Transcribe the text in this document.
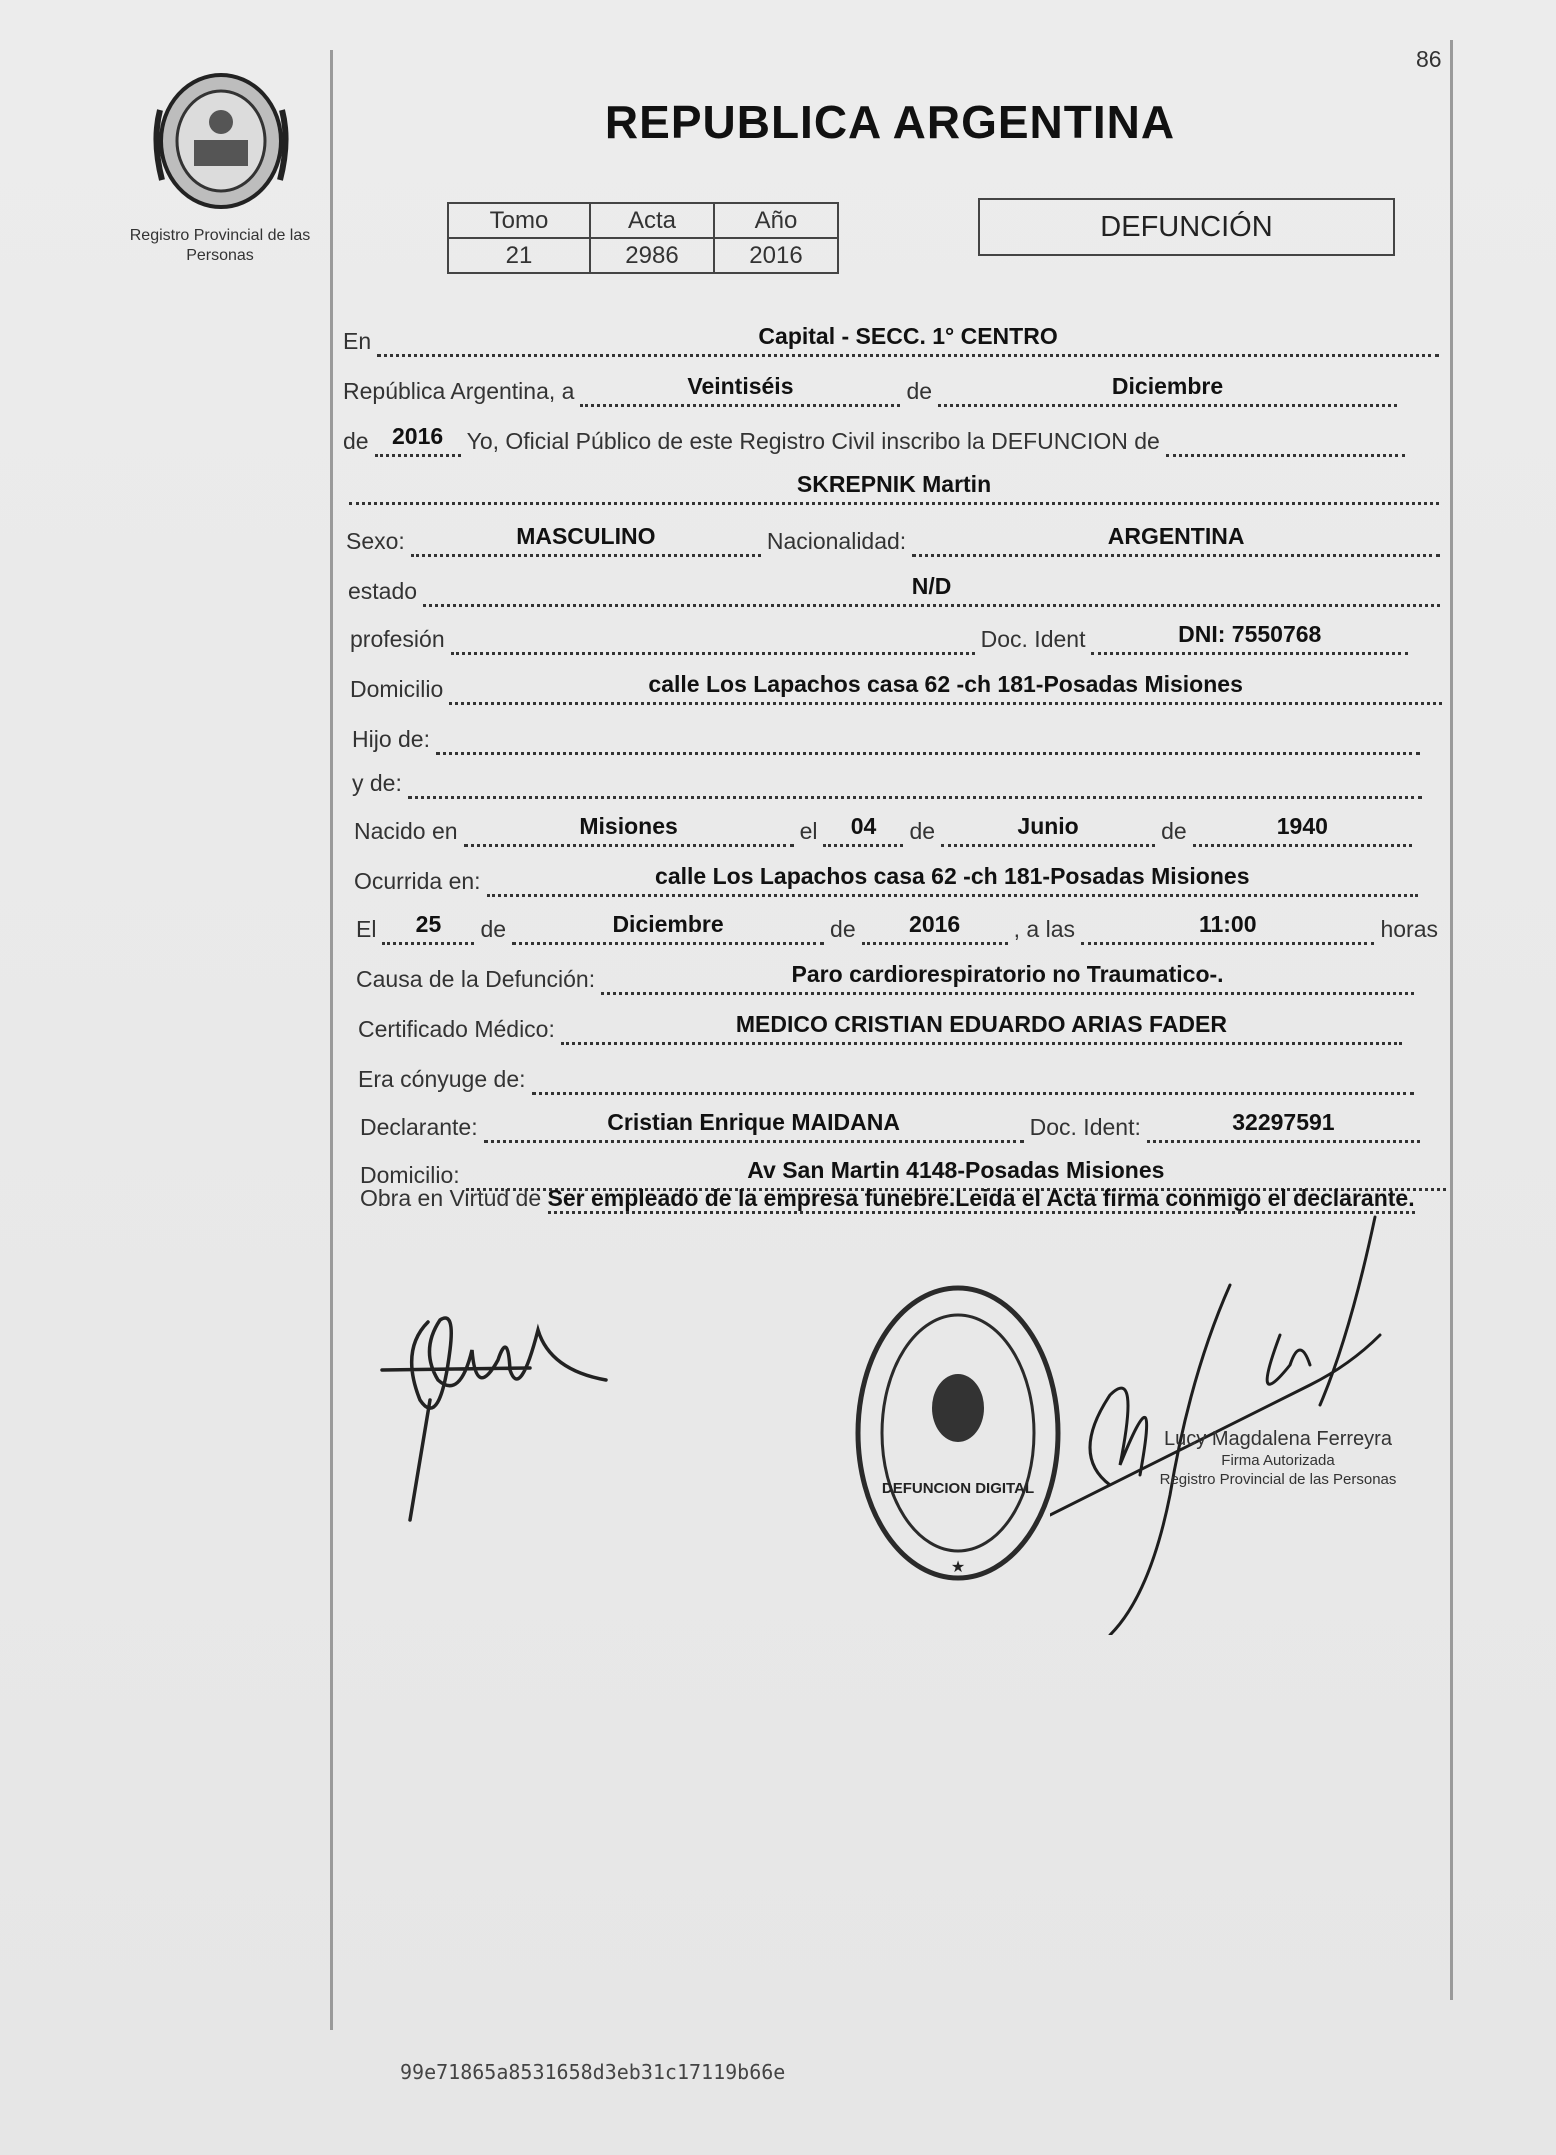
86
Registro Provincial de las Personas
REPUBLICA ARGENTINA
Tomo	Acta	Año
21	2986	2016
DEFUNCIÓN
En	Capital - SECC. 1° CENTRO
República Argentina, a	Veintiséis	de	Diciembre
de	2016	Yo, Oficial Público de este Registro Civil inscribo la DEFUNCION de
SKREPNIK Martin
Sexo:	MASCULINO	Nacionalidad:	ARGENTINA
estado	N/D
profesión	Doc. Ident	DNI: 7550768
Domicilio	calle Los Lapachos casa 62 -ch 181-Posadas Misiones
Hijo de:
y de:
Nacido en	Misiones	el	04	de	Junio	de	1940
Ocurrida en:	calle Los Lapachos casa 62 -ch 181-Posadas Misiones
El	25	de	Diciembre	de	2016	, a las	11:00	horas
Causa de la Defunción:	Paro cardiorespiratorio no Traumatico-.
Certificado Médico:	MEDICO CRISTIAN EDUARDO ARIAS FADER
Era cónyuge de:
Declarante:	Cristian Enrique MAIDANA	Doc. Ident:	32297591
Domicilio:	Av San Martin 4148-Posadas Misiones
Obra en Virtud de Ser empleado de la empresa funebre.Leida el Acta firma conmigo el declarante.
DEFUNCION DIGITAL
★
Lucy Magdalena Ferreyra
Firma Autorizada
Registro Provincial de las Personas
99e71865a8531658d3eb31c17119b66e
